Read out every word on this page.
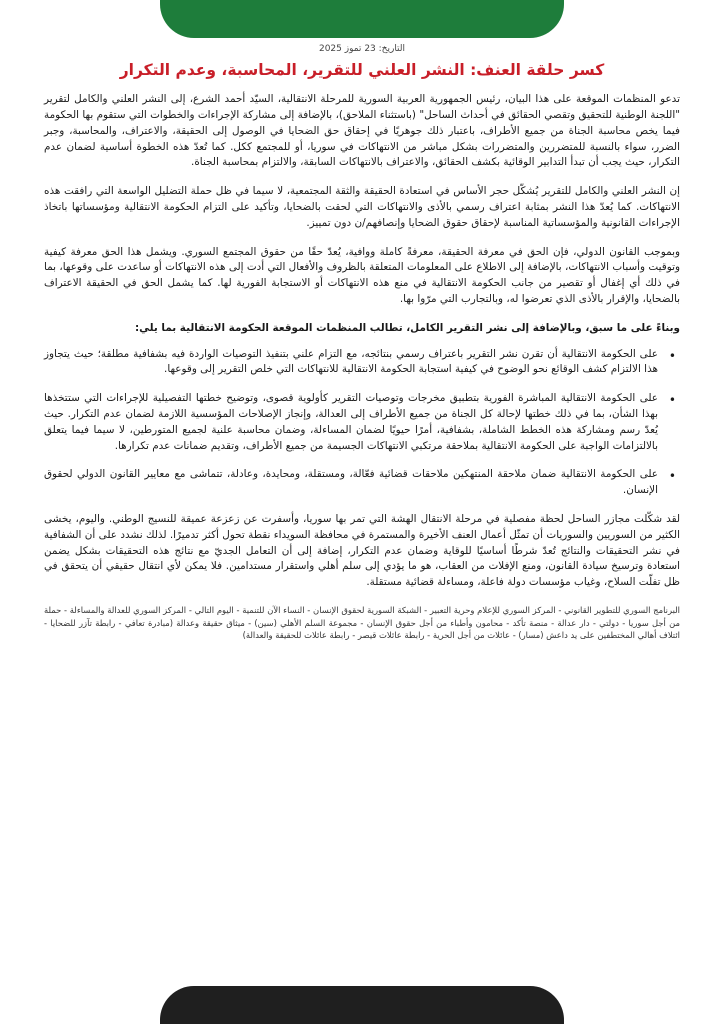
التاريخ: 23 تموز 2025
كسر حلقة العنف: النشر العلني للتقرير، المحاسبة، وعدم التكرار

تدعو المنظمات الموقعة على هذا البيان، رئيس الجمهورية العربية السورية للمرحلة الانتقالية، السيّد أحمد الشرع، إلى النشر العلني والكامل لتقرير "اللجنة الوطنية للتحقيق وتقصي الحقائق في أحداث الساحل" (باستثناء الملاحق)، بالإضافة إلى مشاركة الإجراءات والخطوات التي ستقوم بها الحكومة فيما يخص محاسبة الجناة من جميع الأطراف، باعتبار ذلك جوهريًا في إحقاق حق الضحايا في الوصول إلى الحقيقة، والاعتراف، والمحاسبة، وجبر الضرر، سواء بالنسبة للمتضررين والمتضررات بشكل مباشر من الانتهاكات في سوريا، أو للمجتمع ككل. كما تُعدّ هذه الخطوة أساسية لضمان عدم التكرار، حيث يجب أن تبدأ التدابير الوقائية بكشف الحقائق، والاعتراف بالانتهاكات السابقة، والالتزام بمحاسبة الجناة.

إن النشر العلني والكامل للتقرير يُشكّل حجر الأساس في استعادة الحقيقة والثقة المجتمعية، لا سيما في ظل حملة التضليل الواسعة التي رافقت هذه الانتهاكات. كما يُعدّ هذا النشر بمثابة اعتراف رسمي بالأذى والانتهاكات التي لحقت بالضحايا، وتأكيد على التزام الحكومة الانتقالية ومؤسساتها باتخاذ الإجراءات القانونية والمؤسساتية المناسبة لإحقاق حقوق الضحايا وإنصافهم/ن دون تمييز.

وبموجب القانون الدولي، فإن الحق في معرفة الحقيقة، معرفةً كاملة ووافية، يُعدّ حقًا من حقوق المجتمع السوري. ويشمل هذا الحق معرفة كيفية وتوقيت وأسباب الانتهاكات، بالإضافة إلى الاطلاع على المعلومات المتعلقة بالظروف والأفعال التي أدت إلى هذه الانتهاكات أو ساعدت على وقوعها، بما في ذلك أي إغفال أو تقصير من جانب الحكومة الانتقالية في منع هذه الانتهاكات أو الاستجابة الفورية لها. كما يشمل الحق في الحقيقة الاعتراف بالضحايا، والإقرار بالأذى الذي تعرضوا له، وبالتجارب التي مرّوا بها.

وبناءً على ما سبق، وبالإضافة إلى نشر التقرير الكامل، تطالب المنظمات الموقعة الحكومة الانتقالية بما يلي:
• على الحكومة الانتقالية أن تقرن نشر التقرير باعتراف رسمي بنتائجه، مع التزام علني بتنفيذ التوصيات الواردة فيه بشفافية مطلقة؛ حيث يتجاوز هذا الالتزام كشف الوقائع نحو الوضوح في كيفية استجابة الحكومة الانتقالية للانتهاكات التي خلص التقرير إلى وقوعها.
• على الحكومة الانتقالية المباشرة الفورية بتطبيق مخرجات وتوصيات التقرير كأولوية قصوى، وتوضيح خطتها التفصيلية للإجراءات التي ستتخذها بهذا الشأن، بما في ذلك خطتها لإحالة كل الجناة من جميع الأطراف إلى العدالة، وإنجاز الإصلاحات المؤسسية اللازمة لضمان عدم التكرار. حيث يُعدّ رسم ومشاركة هذه الخطط الشاملة، بشفافية، أمرًا حيويًا لضمان المساءلة، وضمان محاسبة علنية لجميع المتورطين، لا سيما فيما يتعلق بالالتزامات الواجبة على الحكومة الانتقالية بملاحقة مرتكبي الانتهاكات الجسيمة من جميع الأطراف، وتقديم ضمانات عدم تكرارها.
• على الحكومة الانتقالية ضمان ملاحقة المنتهكين ملاحقات قضائية فعّالة، ومستقلة، ومحايدة، وعادلة، تتماشى مع معايير القانون الدولي لحقوق الإنسان.

لقد شكّلت مجازر الساحل لحظة مفصلية في مرحلة الانتقال الهشة التي تمر بها سوريا، وأسفرت عن زعزعة عميقة للنسيج الوطني. واليوم، يخشى الكثير من السوريين والسوريات أن تمثّل أعمال العنف الأخيرة والمستمرة في محافظة السويداء نقطة تحول أكثر تدميرًا. لذلك نشدد على أن الشفافية في نشر التحقيقات والنتائج تُعدّ شرطًا أساسيًا للوقاية وضمان عدم التكرار، إضافة إلى أن التعامل الجديّ مع نتائج هذه التحقيقات بشكل يضمن استعادة وترسيخ سيادة القانون، ومنع الإفلات من العقاب، هو ما يؤدي إلى سلم أهلي واستقرار مستدامين. فلا يمكن لأي انتقال حقيقي أن يتحقق في ظل تفلّت السلاح، وغياب مؤسسات دولة فاعلة، ومساءلة قضائية مستقلة.

البرنامج السوري للتطوير القانوني - المركز السوري للإعلام وحرية التعبير - الشبكة السورية لحقوق الإنسان - النساء الآن للتنمية - اليوم التالي - المركز السوري للعدالة والمساءلة - حملة من أجل سوريا - دولتي - دار عدالة - منصة تأكد - محامون وأطباء من أجل حقوق الإنسان - مجموعة السلم الأهلي (سين) - ميثاق حقيقة وعدالة (مبادرة تعافي - رابطة تآزر للضحايا - ائتلاف أهالي المختطفين على يد داعش (مسار) - عائلات من أجل الحرية - رابطة عائلات قيصر - رابطة عائلات للحقيقة والعدالة)
